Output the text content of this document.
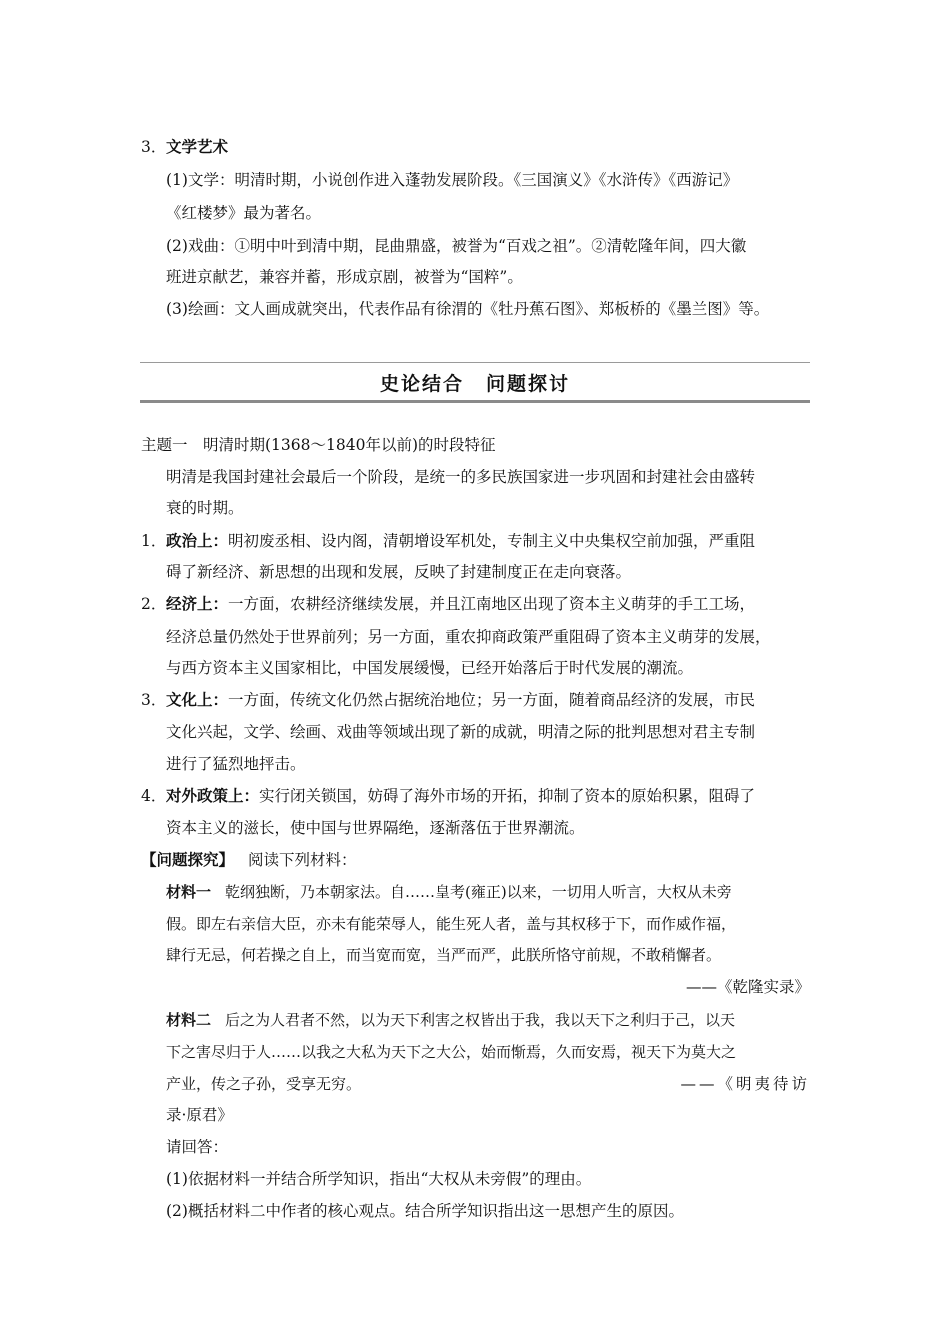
3． 文学艺术
(1)文学：明清时期，小说创作进入蓬勃发展阶段。《三国演义》《水浒传》《西游记》
《红楼梦》最为著名。
(2)戏曲：①明中叶到清中期，昆曲鼎盛，被誉为“百戏之祖”。②清乾隆年间，四大徽
班进京献艺，兼容并蓄，形成京剧，被誉为“国粹”。
(3)绘画：文人画成就突出，代表作品有徐渭的《牡丹蕉石图》、郑板桥的《墨兰图》等。
史论结合 问题探讨
主题一　明清时期(1368～1840年以前)的时段特征
明清是我国封建社会最后一个阶段，是统一的多民族国家进一步巩固和封建社会由盛转
衰的时期。
1． 政治上：明初废丞相、设内阁，清朝增设军机处，专制主义中央集权空前加强，严重阻
碍了新经济、新思想的出现和发展，反映了封建制度正在走向衰落。
2． 经济上：一方面，农耕经济继续发展，并且江南地区出现了资本主义萌芽的手工工场，
经济总量仍然处于世界前列；另一方面，重农抑商政策严重阻碍了资本主义萌芽的发展，
与西方资本主义国家相比，中国发展缓慢，已经开始落后于时代发展的潮流。
3． 文化上：一方面，传统文化仍然占据统治地位；另一方面，随着商品经济的发展，市民
文化兴起，文学、绘画、戏曲等领域出现了新的成就，明清之际的批判思想对君主专制
进行了猛烈地抨击。
4． 对外政策上：实行闭关锁国，妨碍了海外市场的开拓，抑制了资本的原始积累，阻碍了
资本主义的滋长，使中国与世界隔绝，逐渐落伍于世界潮流。
【问题探究】 阅读下列材料：
材料一 乾纲独断，乃本朝家法。自……皇考(雍正)以来，一切用人听言，大权从未旁
假。即左右亲信大臣，亦未有能荣辱人，能生死人者，盖与其权移于下，而作威作福，
肆行无忌，何若操之自上，而当宽而宽，当严而严，此朕所恪守前规，不敢稍懈者。
——《乾隆实录》
材料二 后之为人君者不然，以为天下利害之权皆出于我，我以天下之利归于己，以天
下之害尽归于人……以我之大私为天下之大公，始而惭焉，久而安焉，视天下为莫大之
产业，传之子孙，受享无穷。	——《明夷待访
录·原君》
请回答：
(1)依据材料一并结合所学知识，指出“大权从未旁假”的理由。
(2)概括材料二中作者的核心观点。结合所学知识指出这一思想产生的原因。
